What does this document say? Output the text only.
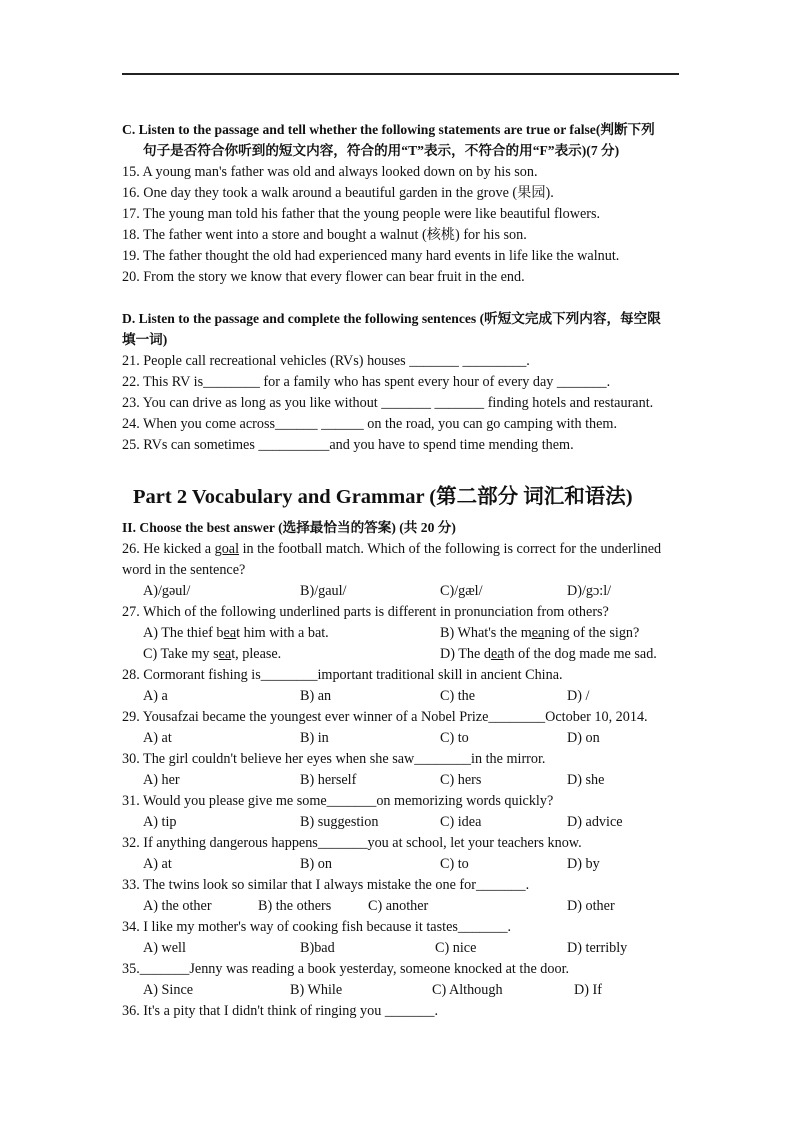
C. Listen to the passage and tell whether the following statements are true or false(判断下列
句子是否符合你听到的短文内容，符合的用“T”表示，不符合的用“F”表示)(7 分)
15. A young man's father was old and always looked down on by his son.
16. One day they took a walk around a beautiful garden in the grove (果园).
17. The young man told his father that the young people were like beautiful flowers.
18. The father went into a store and bought a walnut (核桃) for his son.
19. The father thought the old had experienced many hard events in life like the walnut.
20. From the story we know that every flower can bear fruit in the end.
D. Listen to the passage and complete the following sentences (听短文完成下列内容，每空限
填一词)
21. People call recreational vehicles (RVs) houses _______ _________.
22. This RV is________ for a family who has spent every hour of every day _______.
23. You can drive as long as you like without _______ _______ finding hotels and restaurant.
24. When you come across______ ______ on the road, you can go camping with them.
25. RVs can sometimes __________and you have to spend time mending them.
Part 2 Vocabulary and Grammar (第二部分 词汇和语法)
II. Choose the best answer (选择最恰当的答案) (共 20 分)
26. He kicked a goal in the football match. Which of the following is correct for the underlined
word in the sentence?
A)/gəul/	B)/gaul/	C)/gæl/	D)/gɔ:l/
27. Which of the following underlined parts is different in pronunciation from others?
A) The thief beat him with a bat.	B) What's the meaning of the sign?
C) Take my seat, please.	D) The death of the dog made me sad.
28. Cormorant fishing is________important traditional skill in ancient China.
A) a	B) an	C) the	D) /
29. Yousafzai became the youngest ever winner of a Nobel Prize________October 10, 2014.
A) at	B) in	C) to	D) on
30. The girl couldn't believe her eyes when she saw________in the mirror.
A) her	B) herself	C) hers	D) she
31. Would you please give me some_______on memorizing words quickly?
A) tip	B) suggestion	C) idea	D) advice
32. If anything dangerous happens_______you at school, let your teachers know.
A) at	B) on	C) to	D) by
33. The twins look so similar that I always mistake the one for_______.
A) the other	B) the others	C) another	D) other
34. I like my mother's way of cooking fish because it tastes_______.
A) well	B)bad	C) nice	D) terribly
35._______Jenny was reading a book yesterday, someone knocked at the door.
A) Since	B) While	C) Although	D) If
36. It's a pity that I didn't think of ringing you _______.
